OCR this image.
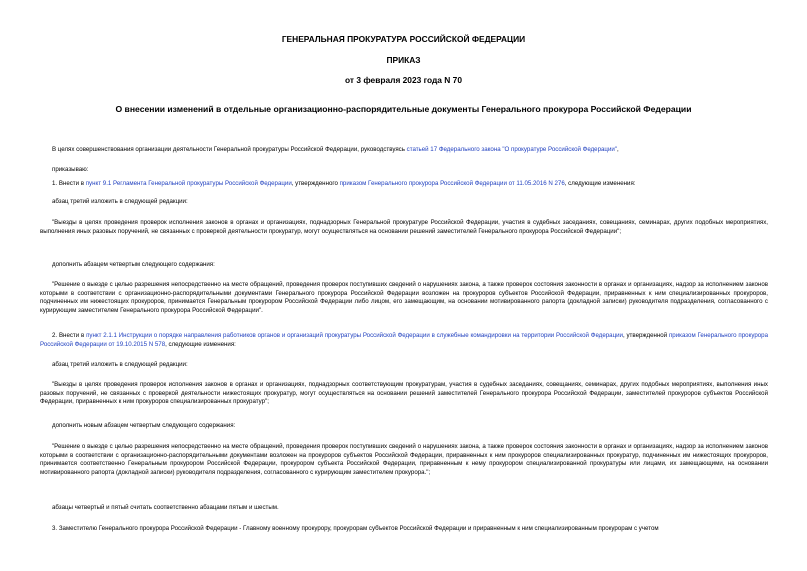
ГЕНЕРАЛЬНАЯ ПРОКУРАТУРА РОССИЙСКОЙ ФЕДЕРАЦИИ
ПРИКАЗ
от 3 февраля 2023 года N 70
О внесении изменений в отдельные организационно-распорядительные документы Генерального прокурора Российской Федерации
В целях совершенствования организации деятельности Генеральной прокуратуры Российской Федерации, руководствуясь статьей 17 Федерального закона "О прокуратуре Российской Федерации",
приказываю:
1. Внести в пункт 9.1 Регламента Генеральной прокуратуры Российской Федерации, утвержденного приказом Генерального прокурора Российской Федерации от 11.05.2016 N 276, следующие изменения:
абзац третий изложить в следующей редакции:
"Выезды в целях проведения проверок исполнения законов в органах и организациях, поднадзорных Генеральной прокуратуре Российской Федерации, участия в судебных заседаниях, совещаниях, семинарах, других подобных мероприятиях, выполнения иных разовых поручений, не связанных с проверкой деятельности прокуратур, могут осуществляться на основании решений заместителей Генерального прокурора Российской Федерации";
дополнить абзацем четвертым следующего содержания:
"Решение о выезде с целью разрешения непосредственно на месте обращений, проведения проверок поступивших сведений о нарушениях закона, а также проверок состояния законности в органах и организациях, надзор за исполнением законов которыми в соответствии с организационно-распорядительными документами Генерального прокурора Российской Федерации возложен на прокуроров субъектов Российской Федерации, приравненных к ним специализированных прокуроров, подчиненных им нижестоящих прокуроров, принимается Генеральным прокурором Российской Федерации либо лицом, его замещающим, на основании мотивированного рапорта (докладной записки) руководителя подразделения, согласованного с курирующим заместителем Генерального прокурора Российской Федерации".
2. Внести в пункт 2.1.1 Инструкции о порядке направления работников органов и организаций прокуратуры Российской Федерации в служебные командировки на территории Российской Федерации, утвержденной приказом Генерального прокурора Российской Федерации от 19.10.2015 N 578, следующие изменения:
абзац третий изложить в следующей редакции:
"Выезды в целях проведения проверок исполнения законов в органах и организациях, поднадзорных соответствующим прокуратурам, участия в судебных заседаниях, совещаниях, семинарах, других подобных мероприятиях, выполнения иных разовых поручений, не связанных с проверкой деятельности нижестоящих прокуратур, могут осуществляться на основании решений заместителей Генерального прокурора Российской Федерации, заместителей прокуроров субъектов Российской Федерации, приравненных к ним прокуроров специализированных прокуратур";
дополнить новым абзацем четвертым следующего содержания:
"Решение о выезде с целью разрешения непосредственно на месте обращений, проведения проверок поступивших сведений о нарушениях закона, а также проверок состояния законности в органах и организациях, надзор за исполнением законов которыми в соответствии с организационно-распорядительными документами возложен на прокуроров субъектов Российской Федерации, приравненных к ним прокуроров специализированных прокуратур, подчиненных им нижестоящих прокуроров, принимается соответственно Генеральным прокурором Российской Федерации, прокурором субъекта Российской Федерации, приравненным к нему прокурором специализированной прокуратуры или лицами, их замещающими, на основании мотивированного рапорта (докладной записки) руководителя подразделения, согласованного с курирующим заместителем прокурора.";
абзацы четвертый и пятый считать соответственно абзацами пятым и шестым.
3. Заместителю Генерального прокурора Российской Федерации - Главному военному прокурору, прокурорам субъектов Российской Федерации и приравненным к ним специализированным прокурорам с учетом
